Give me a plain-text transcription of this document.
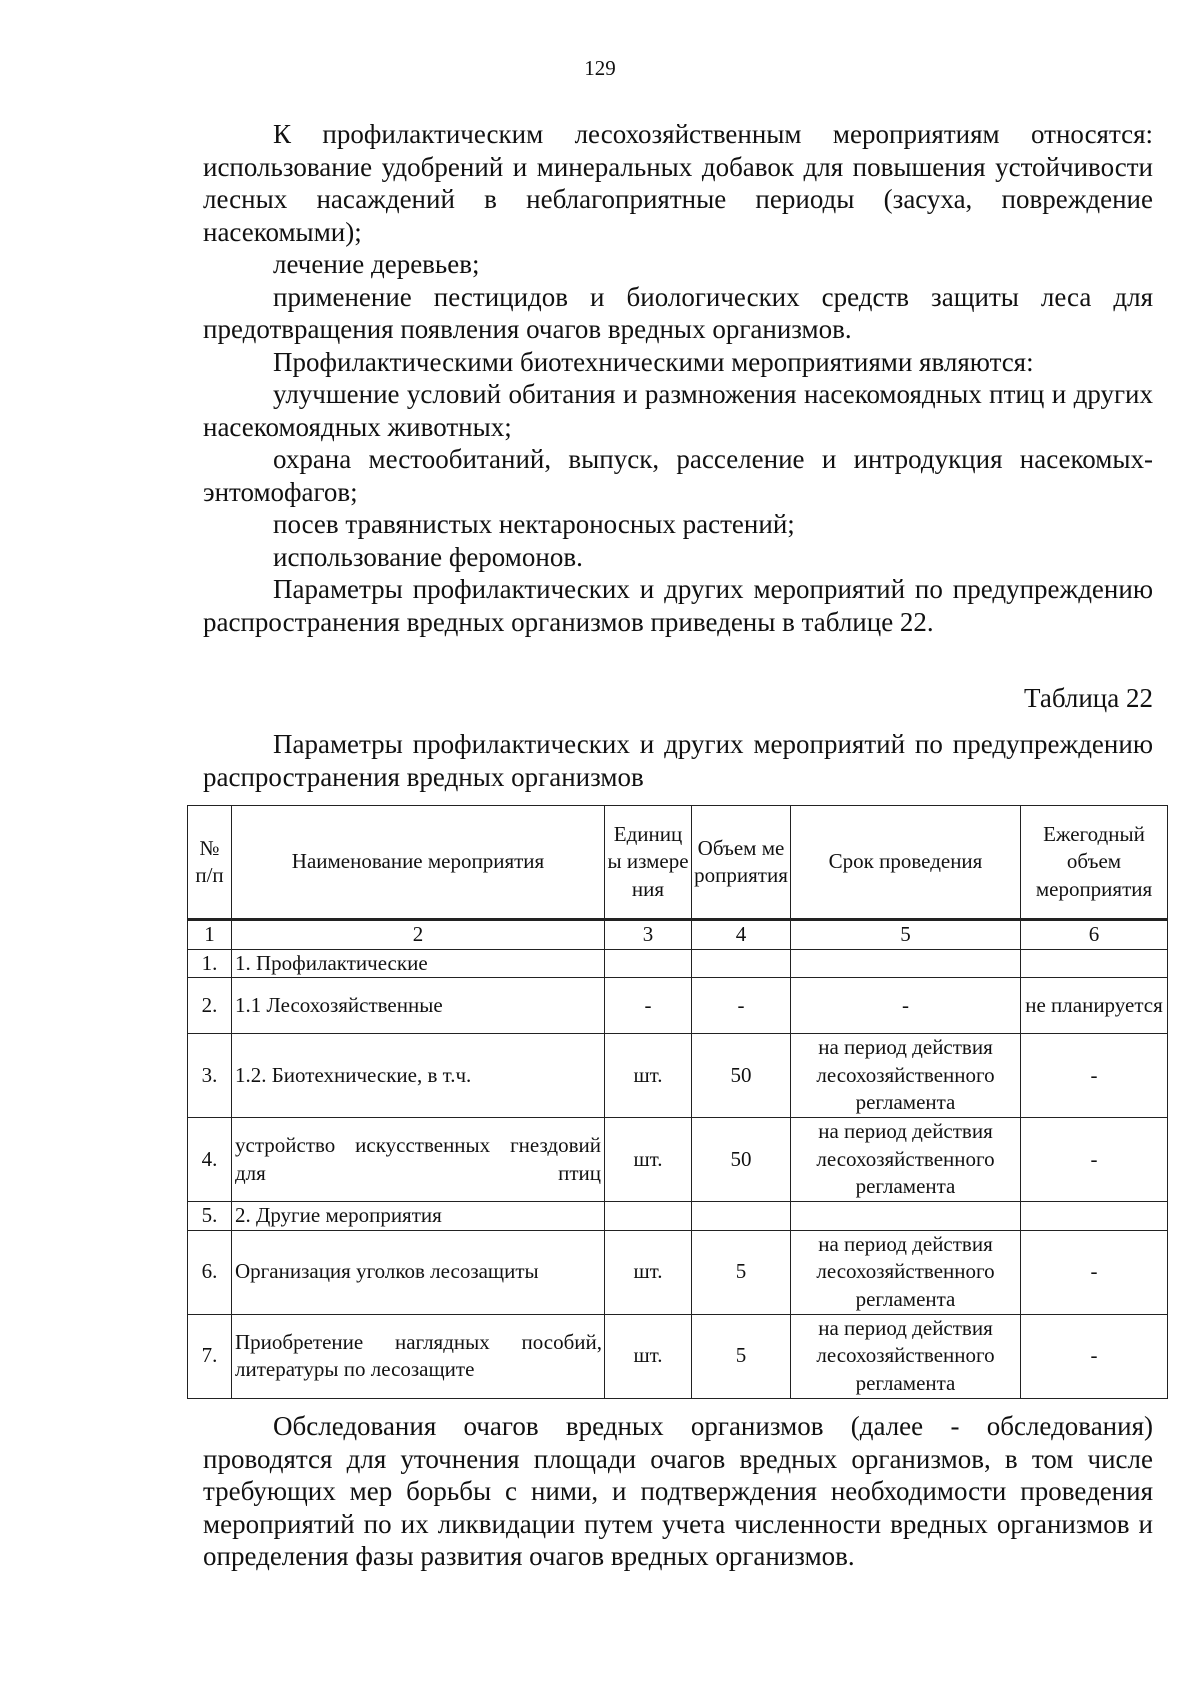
129

К профилактическим лесохозяйственным мероприятиям относятся: использование удобрений и минеральных добавок для повышения устойчивости лесных насаждений в неблагоприятные периоды (засуха, повреждение насекомыми);

лечение деревьев;

применение пестицидов и биологических средств защиты леса для предотвращения появления очагов вредных организмов.

Профилактическими биотехническими мероприятиями являются:

улучшение условий обитания и размножения насекомоядных птиц и других насекомоядных животных;

охрана местообитаний, выпуск, расселение и интродукция насекомых-энтомофагов;

посев травянистых нектароносных растений;

использование феромонов.

Параметры профилактических и других мероприятий по предупреждению распространения вредных организмов приведены в таблице 22.

Таблица 22

Параметры профилактических и других мероприятий по предупреждению распространения вредных организмов

№ п/п	Наименование мероприятия	Единицы измерения	Объем мероприятия	Срок проведения	Ежегодный объем мероприятия
1	2	3	4	5	6
1.	1. Профилактические				
2.	1.1 Лесохозяйственные	-	-	-	не планируется
3.	1.2. Биотехнические, в т.ч.	шт.	50	на период действия лесохозяйственного регламента	-
4.	устройство искусственных гнездовий для птиц	шт.	50	на период действия лесохозяйственного регламента	-
5.	2. Другие мероприятия				
6.	Организация уголков лесозащиты	шт.	5	на период действия лесохозяйственного регламента	-
7.	Приобретение наглядных пособий, литературы по лесозащите	шт.	5	на период действия лесохозяйственного регламента	-

Обследования очагов вредных организмов (далее - обследования) проводятся для уточнения площади очагов вредных организмов, в том числе требующих мер борьбы с ними, и подтверждения необходимости проведения мероприятий по их ликвидации путем учета численности вредных организмов и определения фазы развития очагов вредных организмов.
